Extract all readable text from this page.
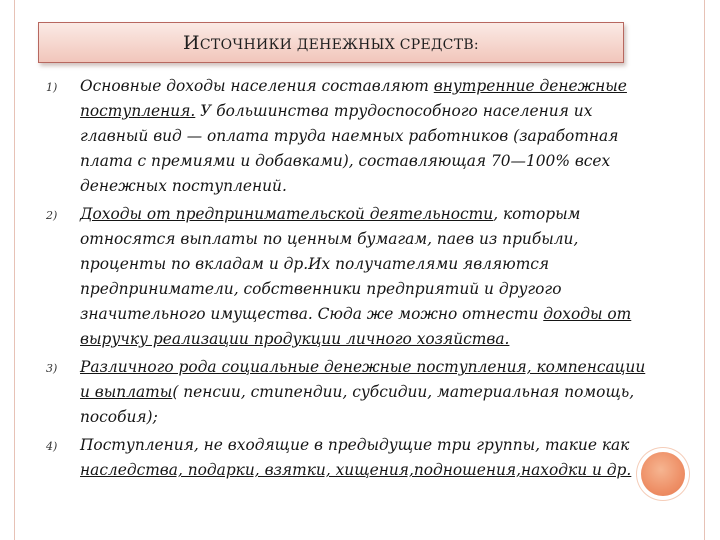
ИСТОЧНИКИ ДЕНЕЖНЫХ СРЕДСТВ:
1) Основные доходы населения составляют внутренние денежные поступления. У большинства трудоспособного населения их главный вид — оплата труда наемных работников (заработная плата с премиями и добавками), составляющая 70—100% всех денежных поступлений.
2) Доходы от предпринимательской деятельности, которым относятся выплаты по ценным бумагам, паев из прибыли, проценты по вкладам и др.Их получателями являются предприниматели, собственники предприятий и другого значительного имущества. Сюда же можно отнести доходы от выручку реализации продукции личного хозяйства.
3) Различного рода социальные денежные поступления, компенсации и выплаты( пенсии, стипендии, субсидии, материальная помощь, пособия);
4) Поступления, не входящие в предыдущие три группы, такие как наследства, подарки, взятки, хищения,подношения,находки и др.
